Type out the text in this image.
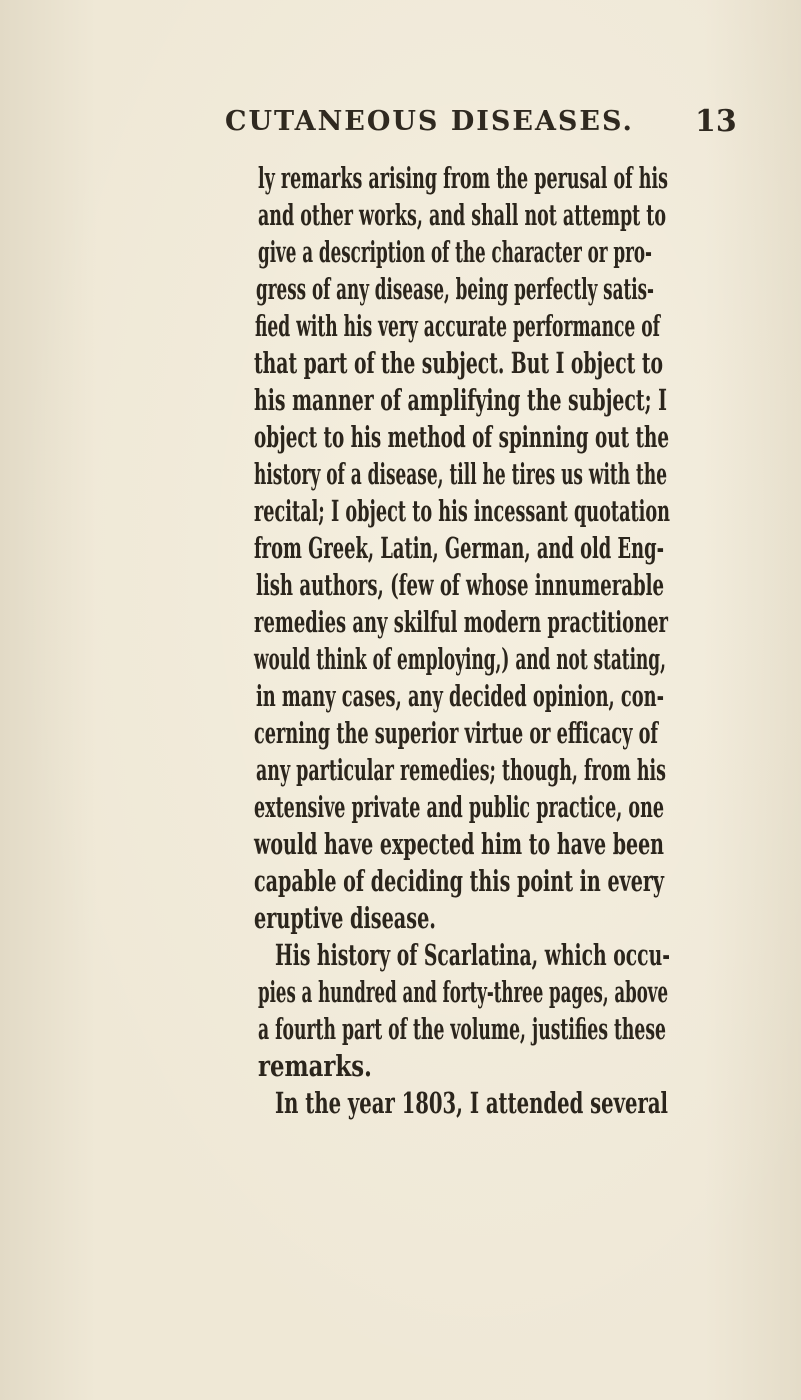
CUTANEOUS DISEASES. 13
ly remarks arising from the perusal of his
and other works, and shall not attempt to
give a description of the character or pro-
gress of any disease, being perfectly satis-
fied with his very accurate performance of
that part of the subject. But I object to
his manner of amplifying the subject; I
object to his method of spinning out the
history of a disease, till he tires us with the
recital; I object to his incessant quotation
from Greek, Latin, German, and old Eng-
lish authors, (few of whose innumerable
remedies any skilful modern practitioner
would think of employing,) and not stating,
in many cases, any decided opinion, con-
cerning the superior virtue or efficacy of
any particular remedies; though, from his
extensive private and public practice, one
would have expected him to have been
capable of deciding this point in every
eruptive disease.
His history of Scarlatina, which occu-
pies a hundred and forty-three pages, above
a fourth part of the volume, justifies these
remarks.
In the year 1803, I attended several
